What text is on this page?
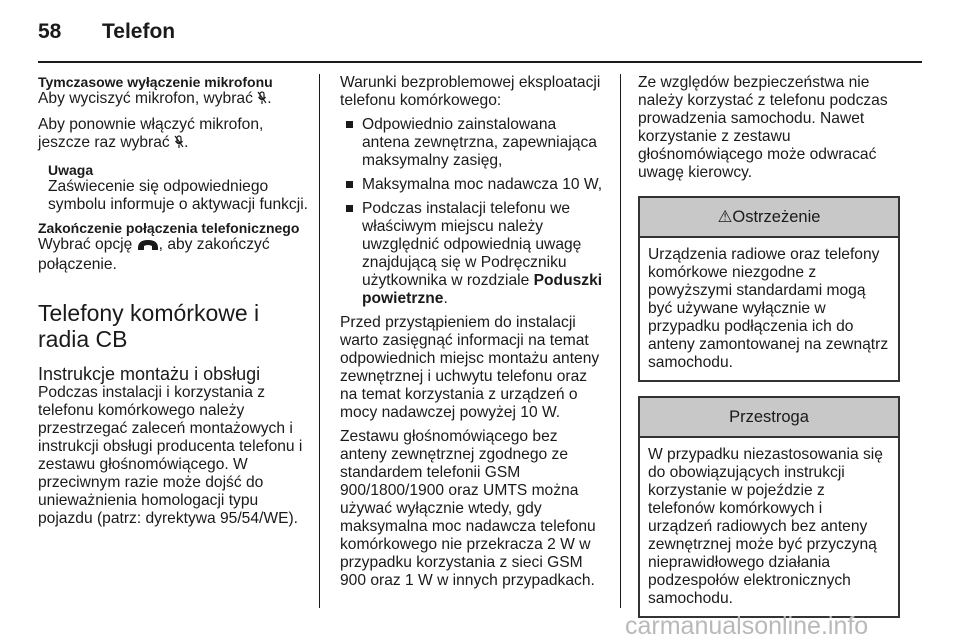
58 Telefon
Tymczasowe wyłączenie mikrofonu

Aby wyciszyć mikrofon, wybrać .

Aby ponownie włączyć mikrofon, jeszcze raz wybrać .

Uwaga
Zaświecenie się odpowiedniego symbolu informuje o aktywacji funkcji.
Zakończenie połączenia telefonicznego

Wybrać opcję , aby zakończyć połączenie.

Telefony komórkowe i radia CB
Instrukcje montażu i obsługi

Podczas instalacji i korzystania z telefonu komórkowego należy przestrzegać zaleceń montażowych i instrukcji obsługi producenta telefonu i zestawu głośnomówiącego. W przeciwnym razie może dojść do unieważnienia homologacji typu pojazdu (patrz: dyrektywa 95/54/WE).

Warunki bezproblemowej eksploatacji telefonu komórkowego:

Odpowiednio zainstalowana antena zewnętrzna, zapewniająca maksymalny zasięg,
Maksymalna moc nadawcza 10 W,
Podczas instalacji telefonu we właściwym miejscu należy uwzględnić odpowiednią uwagę znajdującą się w Podręczniku użytkownika w rozdziale Poduszki powietrzne.

Przed przystąpieniem do instalacji warto zasięgnąć informacji na temat odpowiednich miejsc montażu anteny zewnętrznej i uchwytu telefonu oraz na temat korzystania z urządzeń o mocy nadawczej powyżej 10 W.

Zestawu głośnomówiącego bez anteny zewnętrznej zgodnego ze standardem telefonii GSM 900/1800/1900 oraz UMTS można używać wyłącznie wtedy, gdy maksymalna moc nadawcza telefonu komórkowego nie przekracza 2 W w przypadku korzystania z sieci GSM 900 oraz 1 W w innych przypadkach.

Ze względów bezpieczeństwa nie należy korzystać z telefonu podczas prowadzenia samochodu. Nawet korzystanie z zestawu głośnomówiącego może odwracać uwagę kierowcy.

⚠Ostrzeżenie
Urządzenia radiowe oraz telefony komórkowe niezgodne z powyższymi standardami mogą być używane wyłącznie w przypadku podłączenia ich do anteny zamontowanej na zewnątrz samochodu.
Przestroga
W przypadku niezastosowania się do obowiązujących instrukcji korzystanie w pojeździe z telefonów komórkowych i urządzeń radiowych bez anteny zewnętrznej może być przyczyną nieprawidłowego działania podzespołów elektronicznych samochodu.
carmanualsonline.info
